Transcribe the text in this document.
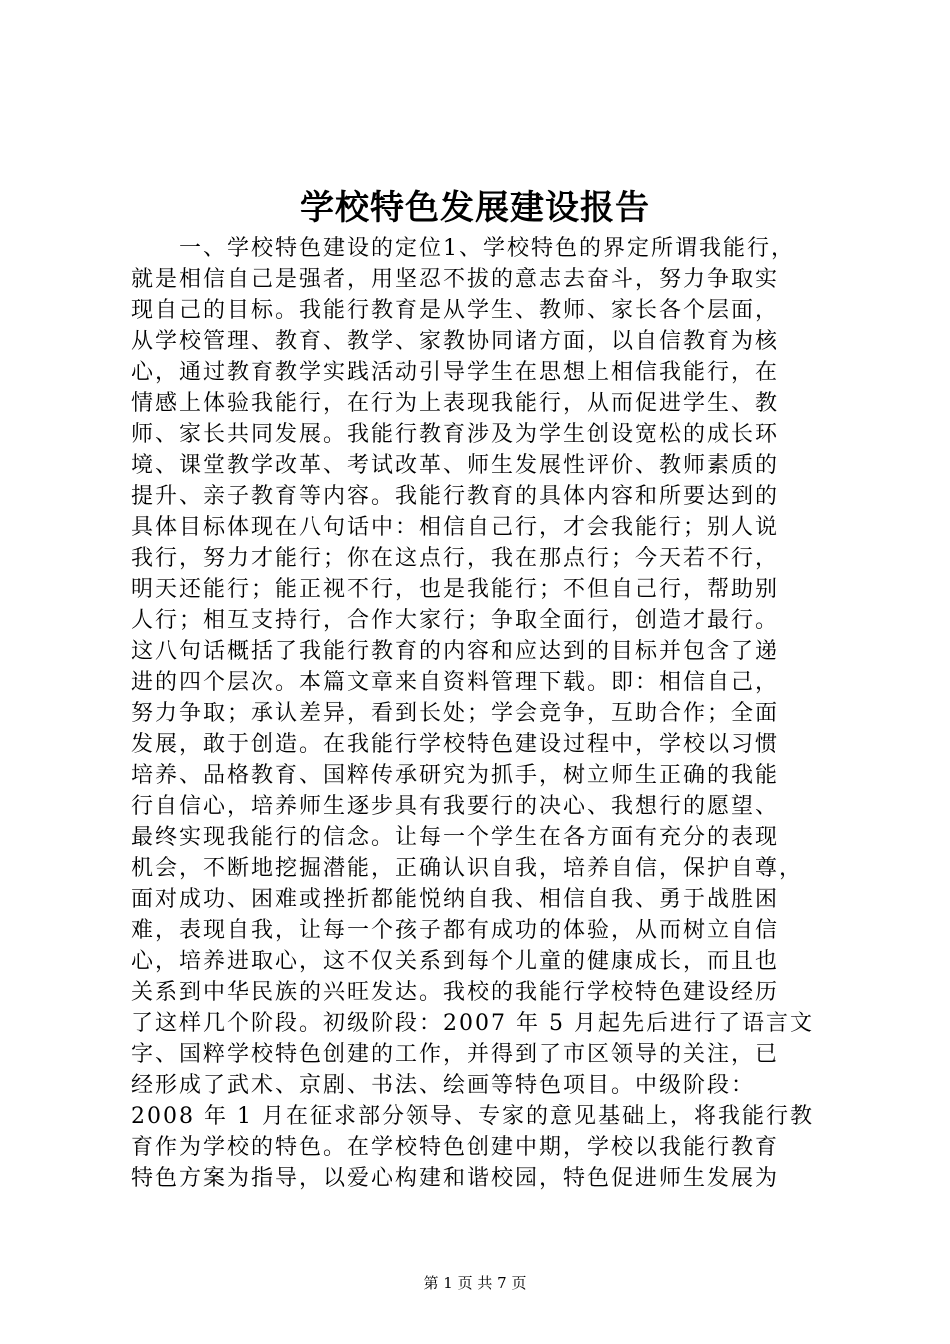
学校特色发展建设报告
　　一、学校特色建设的定位1、学校特色的界定所谓我能行，
就是相信自己是强者，用坚忍不拔的意志去奋斗，努力争取实
现自己的目标。我能行教育是从学生、教师、家长各个层面，
从学校管理、教育、教学、家教协同诸方面，以自信教育为核
心，通过教育教学实践活动引导学生在思想上相信我能行，在
情感上体验我能行，在行为上表现我能行，从而促进学生、教
师、家长共同发展。我能行教育涉及为学生创设宽松的成长环
境、课堂教学改革、考试改革、师生发展性评价、教师素质的
提升、亲子教育等内容。我能行教育的具体内容和所要达到的
具体目标体现在八句话中：相信自己行，才会我能行；别人说
我行，努力才能行；你在这点行，我在那点行；今天若不行，
明天还能行；能正视不行，也是我能行；不但自己行，帮助别
人行；相互支持行，合作大家行；争取全面行，创造才最行。
这八句话概括了我能行教育的内容和应达到的目标并包含了递
进的四个层次。本篇文章来自资料管理下载。即：相信自己，
努力争取；承认差异，看到长处；学会竞争，互助合作；全面
发展，敢于创造。在我能行学校特色建设过程中，学校以习惯
培养、品格教育、国粹传承研究为抓手，树立师生正确的我能
行自信心，培养师生逐步具有我要行的决心、我想行的愿望、
最终实现我能行的信念。让每一个学生在各方面有充分的表现
机会，不断地挖掘潜能，正确认识自我，培养自信，保护自尊，
面对成功、困难或挫折都能悦纳自我、相信自我、勇于战胜困
难，表现自我，让每一个孩子都有成功的体验，从而树立自信
心，培养进取心，这不仅关系到每个儿童的健康成长，而且也
关系到中华民族的兴旺发达。我校的我能行学校特色建设经历
了这样几个阶段。初级阶段：2007 年 5 月起先后进行了语言文
字、国粹学校特色创建的工作，并得到了市区领导的关注，已
经形成了武术、京剧、书法、绘画等特色项目。中级阶段：
2008 年 1 月在征求部分领导、专家的意见基础上，将我能行教
育作为学校的特色。在学校特色创建中期，学校以我能行教育
特色方案为指导，以爱心构建和谐校园，特色促进师生发展为
第 1 页 共 7 页
